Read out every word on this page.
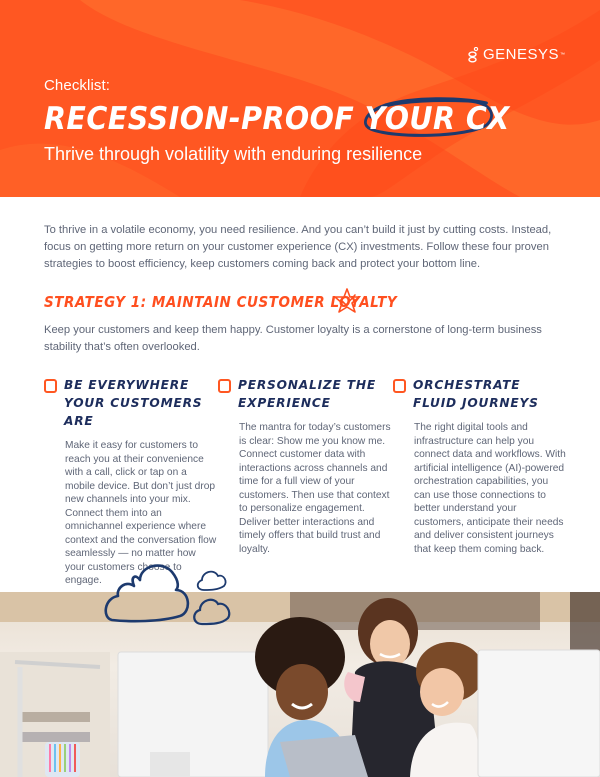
GENESYS ™
Checklist:
RECESSION-PROOF
YOUR CX
Thrive through volatility with enduring resilience

To thrive in a volatile economy, you need resilience. And you can’t build it just by cutting costs. Instead, focus on getting more return on your customer experience (CX) investments. Follow these four proven strategies to boost efficiency, keep customers coming back and protect your bottom line.

STRATEGY 1: MAINTAIN CUSTOMER LOYALTY

Keep your customers and keep them happy. Customer loyalty is a cornerstone of long-term business stability that’s often overlooked.

BE EVERYWHERE YOUR CUSTOMERS ARE

Make it easy for customers to reach you at their convenience with a call, click or tap on a mobile device. But don’t just drop new channels into your mix. Connect them into an omnichannel experience where context and the conversation flow seamlessly — no matter how your customers choose to engage.

PERSONALIZE THE EXPERIENCE

The mantra for today’s customers is clear: Show me you know me. Connect customer data with interactions across channels and time for a full view of your customers. Then use that context to personalize engagement. Deliver better interactions and timely offers that build trust and loyalty.

ORCHESTRATE FLUID JOURNEYS

The right digital tools and infrastructure can help you connect data and workflows. With artificial intelligence (AI)-powered orchestration capabilities, you can use those connections to better understand your customers, anticipate their needs and deliver consistent journeys that keep them coming back.
